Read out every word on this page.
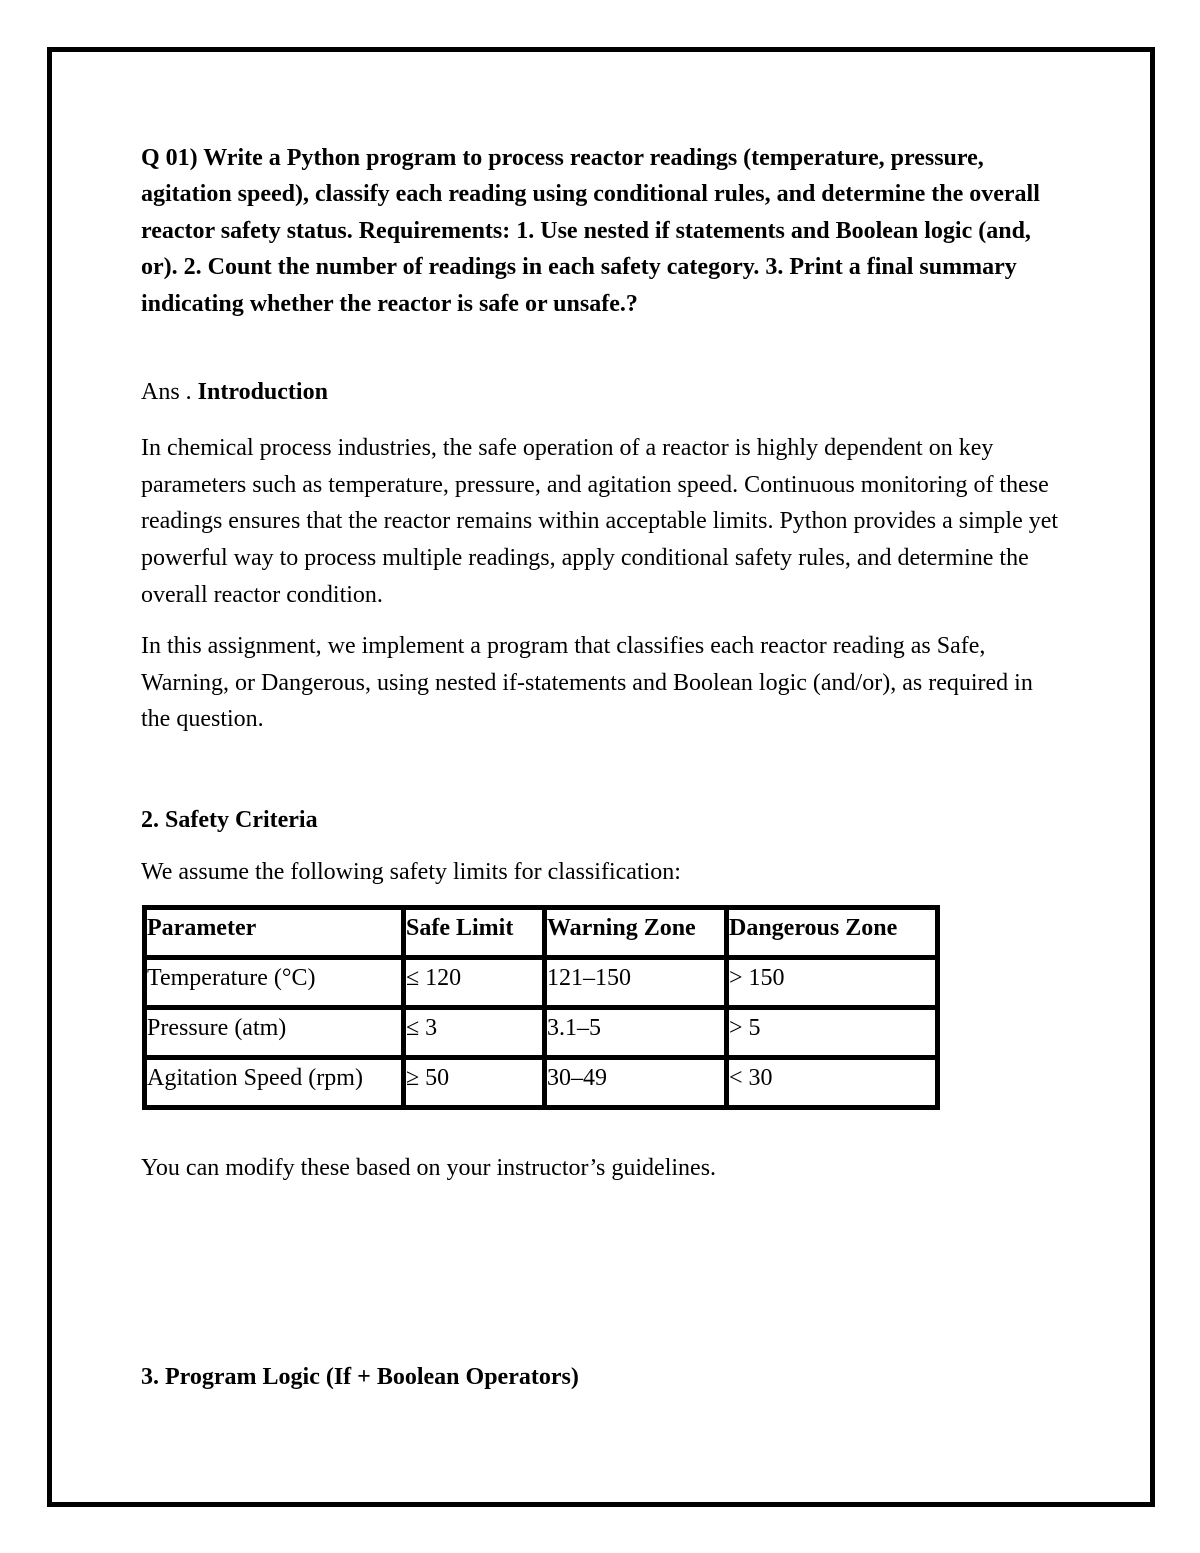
Q 01) Write a Python program to process reactor readings (temperature, pressure, agitation speed), classify each reading using conditional rules, and determine the overall reactor safety status. Requirements: 1. Use nested if statements and Boolean logic (and, or). 2. Count the number of readings in each safety category. 3. Print a final summary indicating whether the reactor is safe or unsafe.?

Ans . Introduction

In chemical process industries, the safe operation of a reactor is highly dependent on key parameters such as temperature, pressure, and agitation speed. Continuous monitoring of these readings ensures that the reactor remains within acceptable limits. Python provides a simple yet powerful way to process multiple readings, apply conditional safety rules, and determine the overall reactor condition.

In this assignment, we implement a program that classifies each reactor reading as Safe, Warning, or Dangerous, using nested if-statements and Boolean logic (and/or), as required in the question.

2. Safety Criteria

We assume the following safety limits for classification:

Parameter	Safe Limit	Warning Zone	Dangerous Zone
Temperature (°C)	≤ 120	121–150	> 150
Pressure (atm)	≤ 3	3.1–5	> 5
Agitation Speed (rpm)	≥ 50	30–49	< 30

You can modify these based on your instructor’s guidelines.

3. Program Logic (If + Boolean Operators)
